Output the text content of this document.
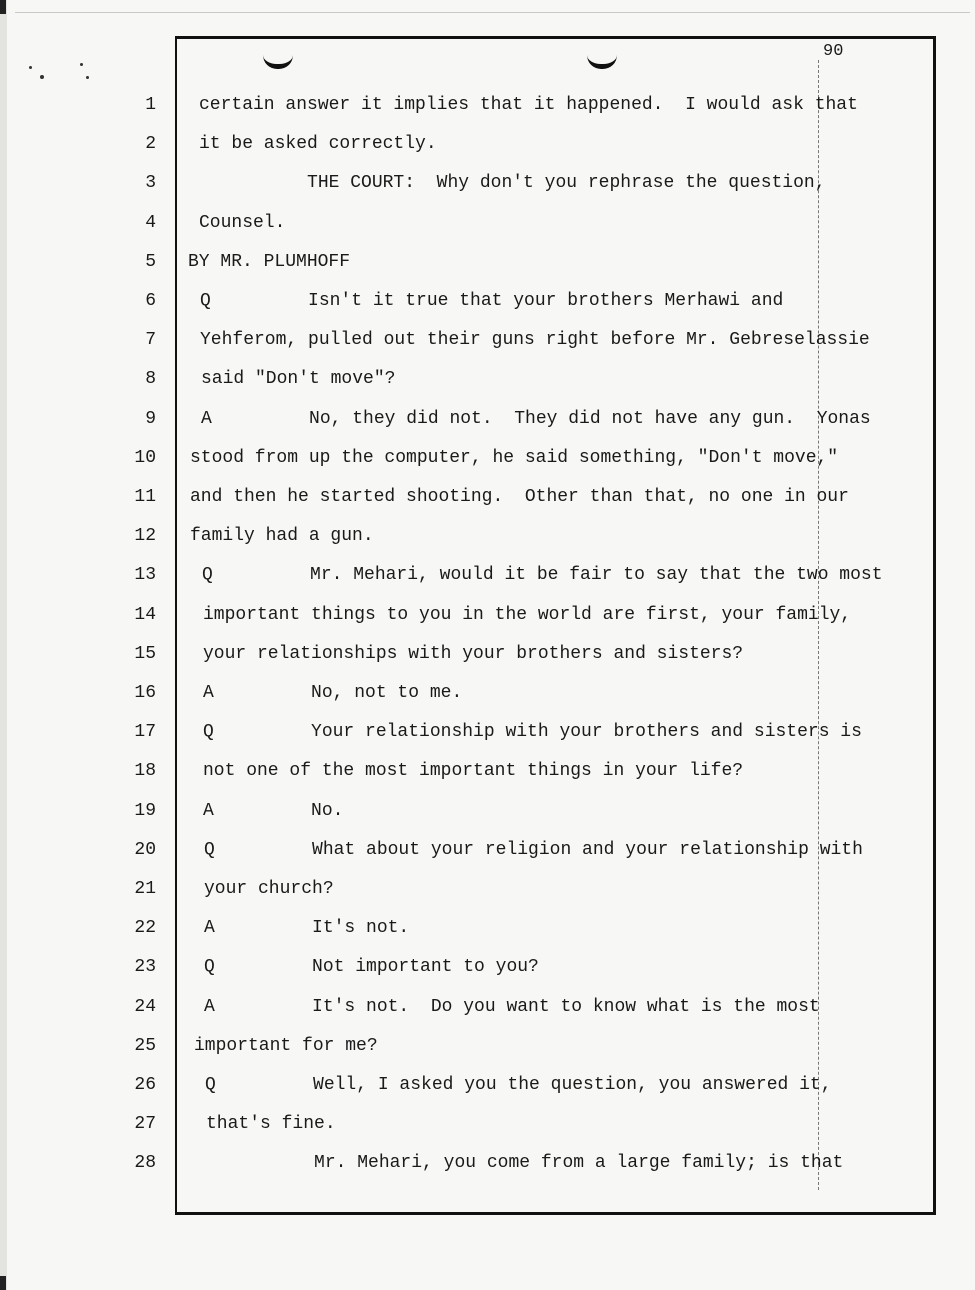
90
1 certain answer it implies that it happened.  I would ask that
2 it be asked correctly.
3 THE COURT:  Why don't you rephrase the question,
4 Counsel.
5 BY MR. PLUMHOFF
6 Q         Isn't it true that your brothers Merhawi and
7 Yehferom, pulled out their guns right before Mr. Gebreselassie
8	said "Don't move"?
9	A         No, they did not.  They did not have any gun.  Yonas
10 stood from up the computer, he said something, "Don't move,"
11 and then he started shooting.  Other than that, no one in our
12 family had a gun.
13	Q         Mr. Mehari, would it be fair to say that the two most
14	important things to you in the world are first, your family,
15	your relationships with your brothers and sisters?
16	A         No, not to me.
17	Q         Your relationship with your brothers and sisters is
18	not one of the most important things in your life?
19	A         No.
20	Q         What about your religion and your relationship with
21	your church?
22	A         It's not.
23	Q         Not important to you?
24	A         It's not.  Do you want to know what is the most
25 important for me?
26	Q         Well, I asked you the question, you answered it,
27	that's fine.
28	Mr. Mehari, you come from a large family; is that
